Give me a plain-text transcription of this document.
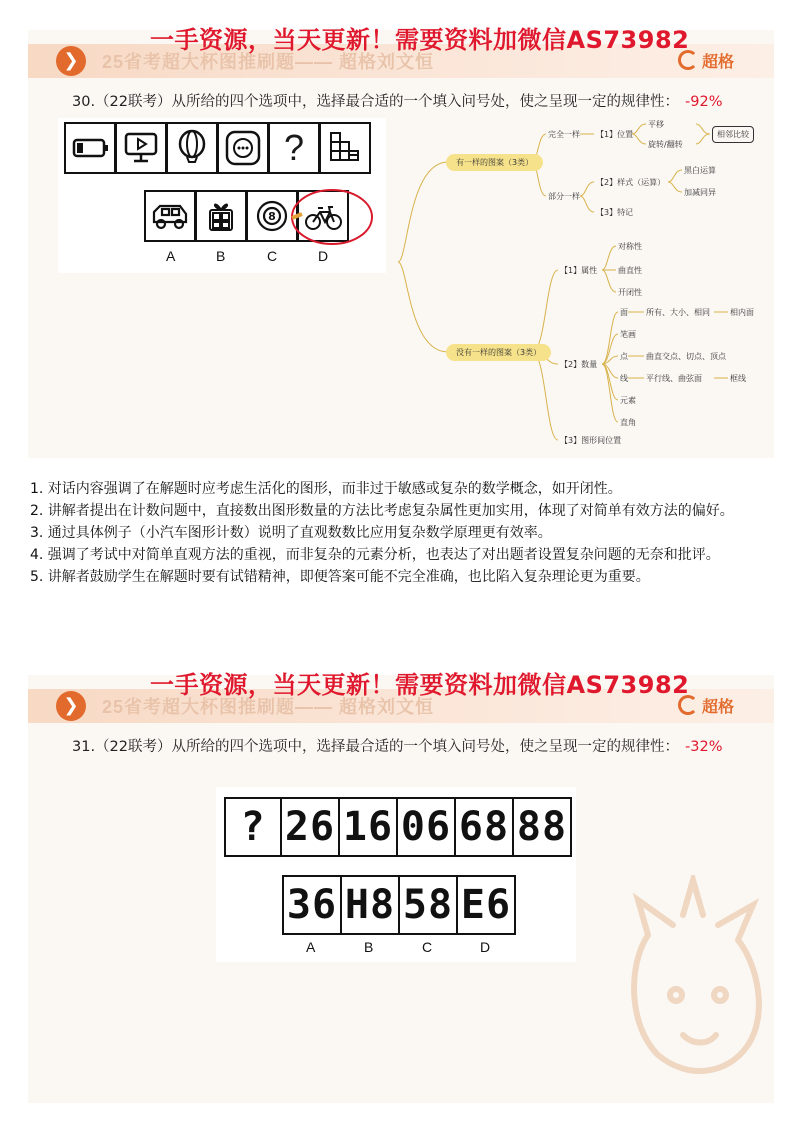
❯	25省考超大杯图推刷题—— 超格刘文恒	超格
30.（22联考）从所给的四个选项中，选择最合适的一个填入问号处，使之呈现一定的规律性： -92%
?
8
A	B	C	D
有一样的图案（3类）
完全一样 【1】位置
平移
旋转/翻转
相邻比较
部分一样
【2】样式（运算）
黑白运算
加减同异
【3】特记
没有一样的图案（3类）
【1】属性
对称性
曲直性
开闭性
【2】数量
面 所有、大小、相同	相内面
笔画
点 曲直交点、切点、顶点
线 平行线、曲弦面	框线
元素
直角
【3】图形间位置
一手资源，当天更新！需要资料加微信AS73982

1. 对话内容强调了在解题时应考虑生活化的图形，而非过于敏感或复杂的数学概念，如开闭性。

2. 讲解者提出在计数问题中，直接数出图形数量的方法比考虑复杂属性更加实用，体现了对简单有效方法的偏好。

3. 通过具体例子（小汽车图形计数）说明了直观数数比应用复杂数学原理更有效率。

4. 强调了考试中对简单直观方法的重视，而非复杂的元素分析，也表达了对出题者设置复杂问题的无奈和批评。

5. 讲解者鼓励学生在解题时要有试错精神，即便答案可能不完全准确，也比陷入复杂理论更为重要。

❯	25省考超大杯图推刷题—— 超格刘文恒	超格
31.（22联考）从所给的四个选项中，选择最合适的一个填入问号处，使之呈现一定的规律性： -32%
? 26 16 06 68 88
36 H8 58 E6
A	B	C	D
一手资源，当天更新！需要资料加微信AS73982
